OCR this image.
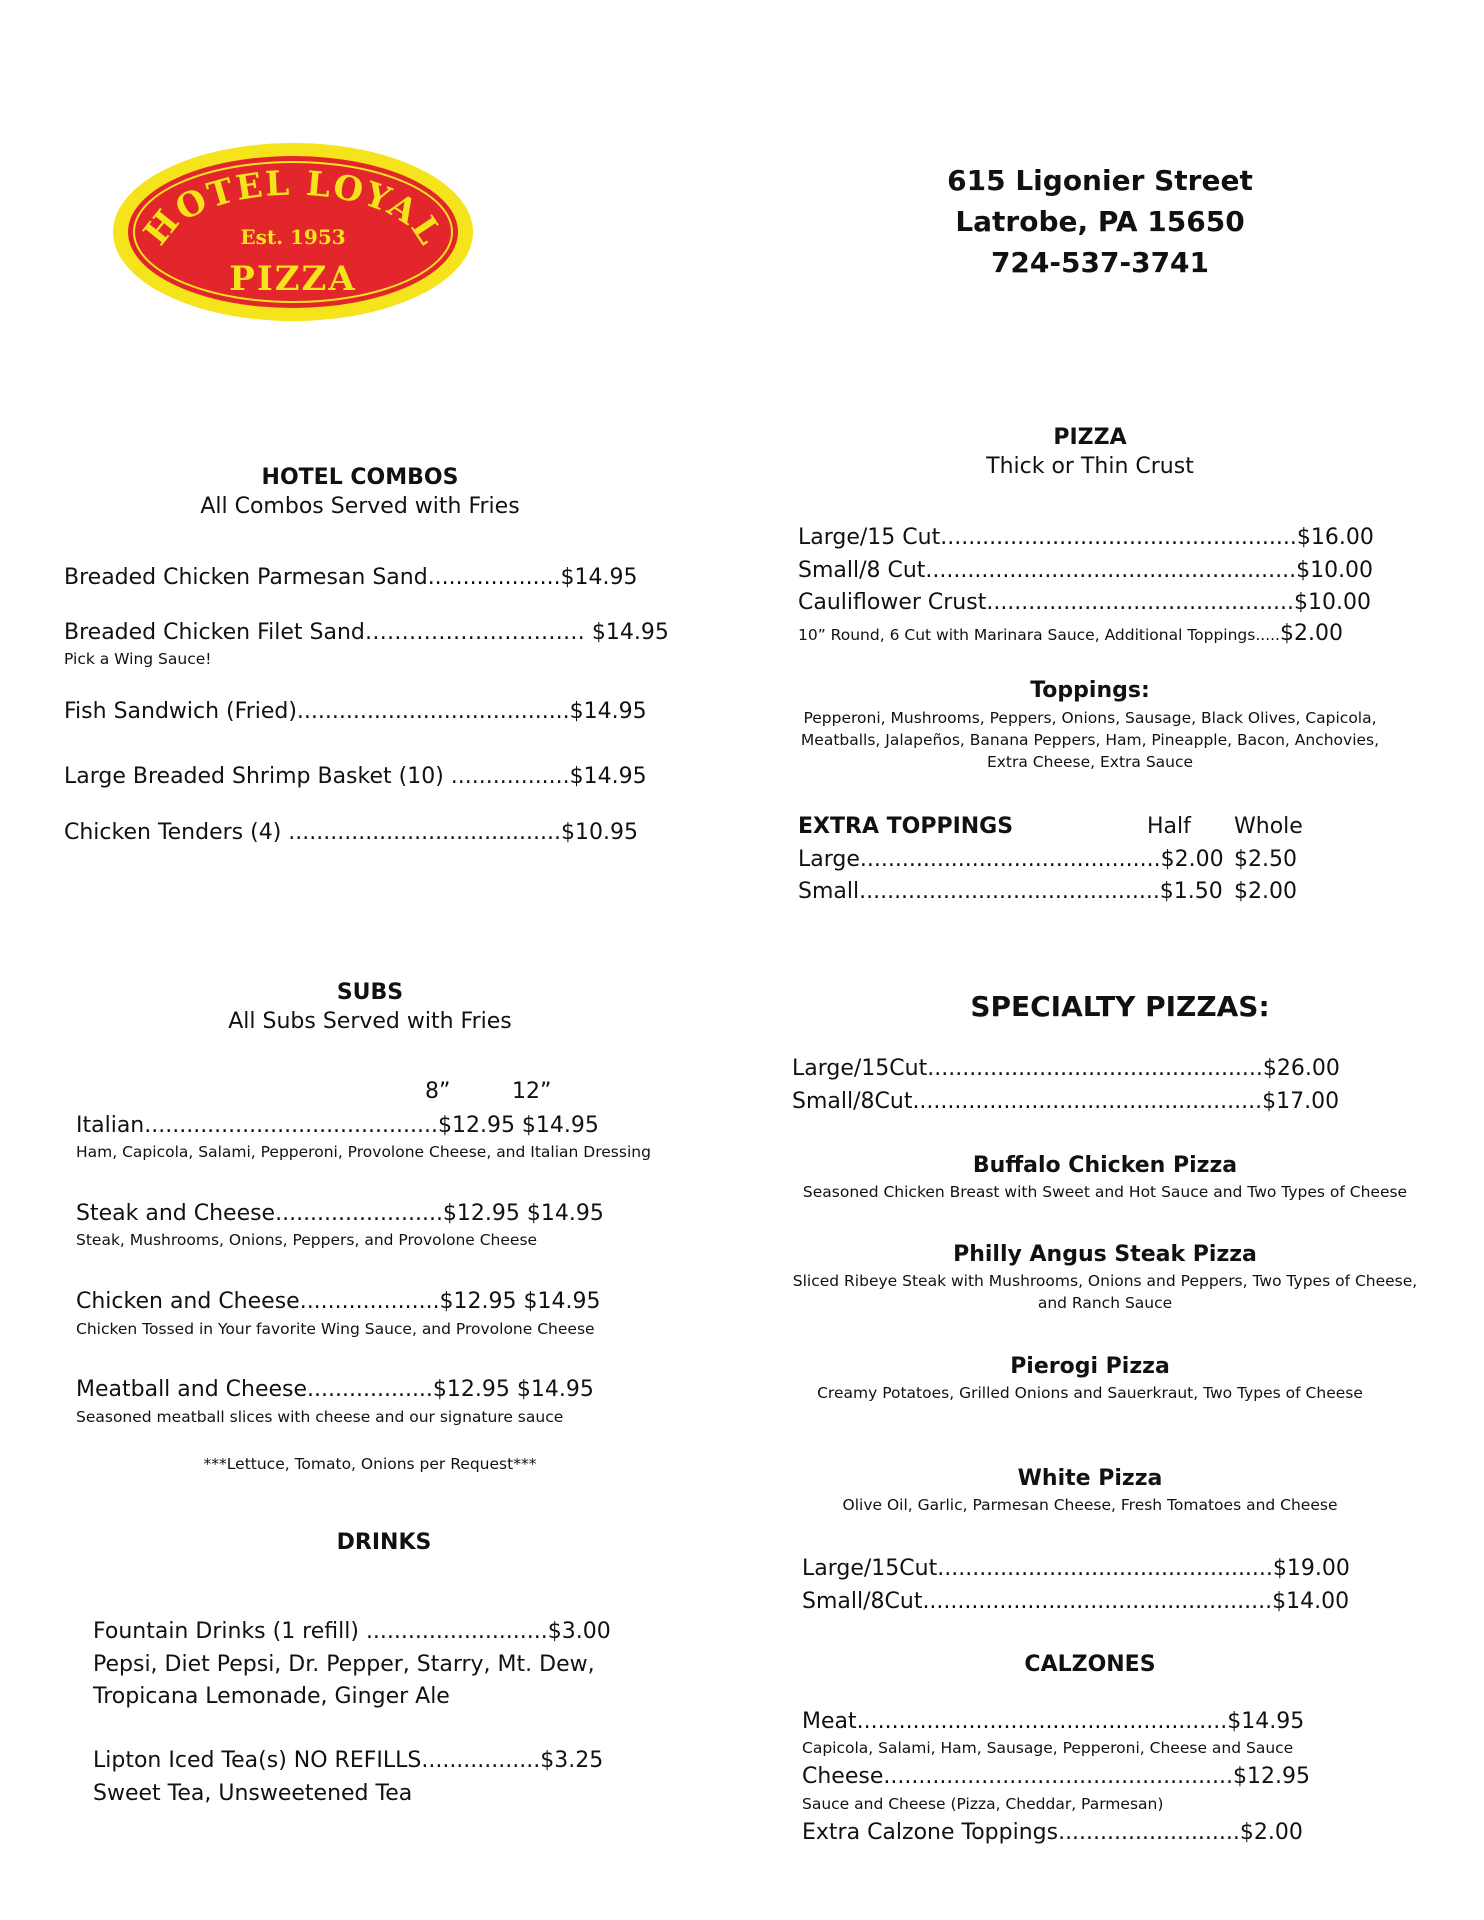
HOTEL LOYAL
Est. 1953
PIZZA
615 Ligonier Street
Latrobe, PA 15650
724-537-3741
HOTEL COMBOS
All Combos Served with Fries
Breaded Chicken Parmesan Sand...................$14.95
Breaded Chicken Filet Sand………………………… $14.95
Pick a Wing Sauce!
Fish Sandwich (Fried).......................................$14.95
Large Breaded Shrimp Basket (10) .................$14.95
Chicken Tenders (4) .......................................$10.95
SUBS
All Subs Served with Fries
8”	12”
Italian..........................................$12.95 $14.95
Ham, Capicola, Salami, Pepperoni, Provolone Cheese, and Italian Dressing
Steak and Cheese........................$12.95 $14.95
Steak, Mushrooms, Onions, Peppers, and Provolone Cheese
Chicken and Cheese....................$12.95 $14.95
Chicken Tossed in Your favorite Wing Sauce, and Provolone Cheese
Meatball and Cheese..................$12.95 $14.95
Seasoned meatball slices with cheese and our signature sauce
***Lettuce, Tomato, Onions per Request***
DRINKS
Fountain Drinks (1 refill) ..........................$3.00
Pepsi, Diet Pepsi, Dr. Pepper, Starry, Mt. Dew,
Tropicana Lemonade, Ginger Ale
Lipton Iced Tea(s) NO REFILLS.................$3.25
Sweet Tea, Unsweetened Tea
PIZZA
Thick or Thin Crust
Large/15 Cut...................................................$16.00
Small/8 Cut.....................................................$10.00
Cauliflower Crust............................................$10.00
10” Round, 6 Cut with Marinara Sauce, Additional Toppings.....$2.00
Toppings:
Pepperoni, Mushrooms, Peppers, Onions, Sausage, Black Olives, Capicola,
Meatballs, Jalapeños, Banana Peppers, Ham, Pineapple, Bacon, Anchovies,
Extra Cheese, Extra Sauce
EXTRA TOPPINGS	Half Whole
Large...........................................$2.00 $2.50
Small...........................................$1.50 $2.00
SPECIALTY PIZZAS:
Large/15Cut................................................$26.00
Small/8Cut..................................................$17.00
Buffalo Chicken Pizza
Seasoned Chicken Breast with Sweet and Hot Sauce and Two Types of Cheese
Philly Angus Steak Pizza
Sliced Ribeye Steak with Mushrooms, Onions and Peppers, Two Types of Cheese,
and Ranch Sauce
Pierogi Pizza
Creamy Potatoes, Grilled Onions and Sauerkraut, Two Types of Cheese
White Pizza
Olive Oil, Garlic, Parmesan Cheese, Fresh Tomatoes and Cheese
Large/15Cut................................................$19.00
Small/8Cut..................................................$14.00
CALZONES
Meat.....................................................$14.95
Capicola, Salami, Ham, Sausage, Pepperoni, Cheese and Sauce
Cheese..................................................$12.95
Sauce and Cheese (Pizza, Cheddar, Parmesan)
Extra Calzone Toppings..........................$2.00
